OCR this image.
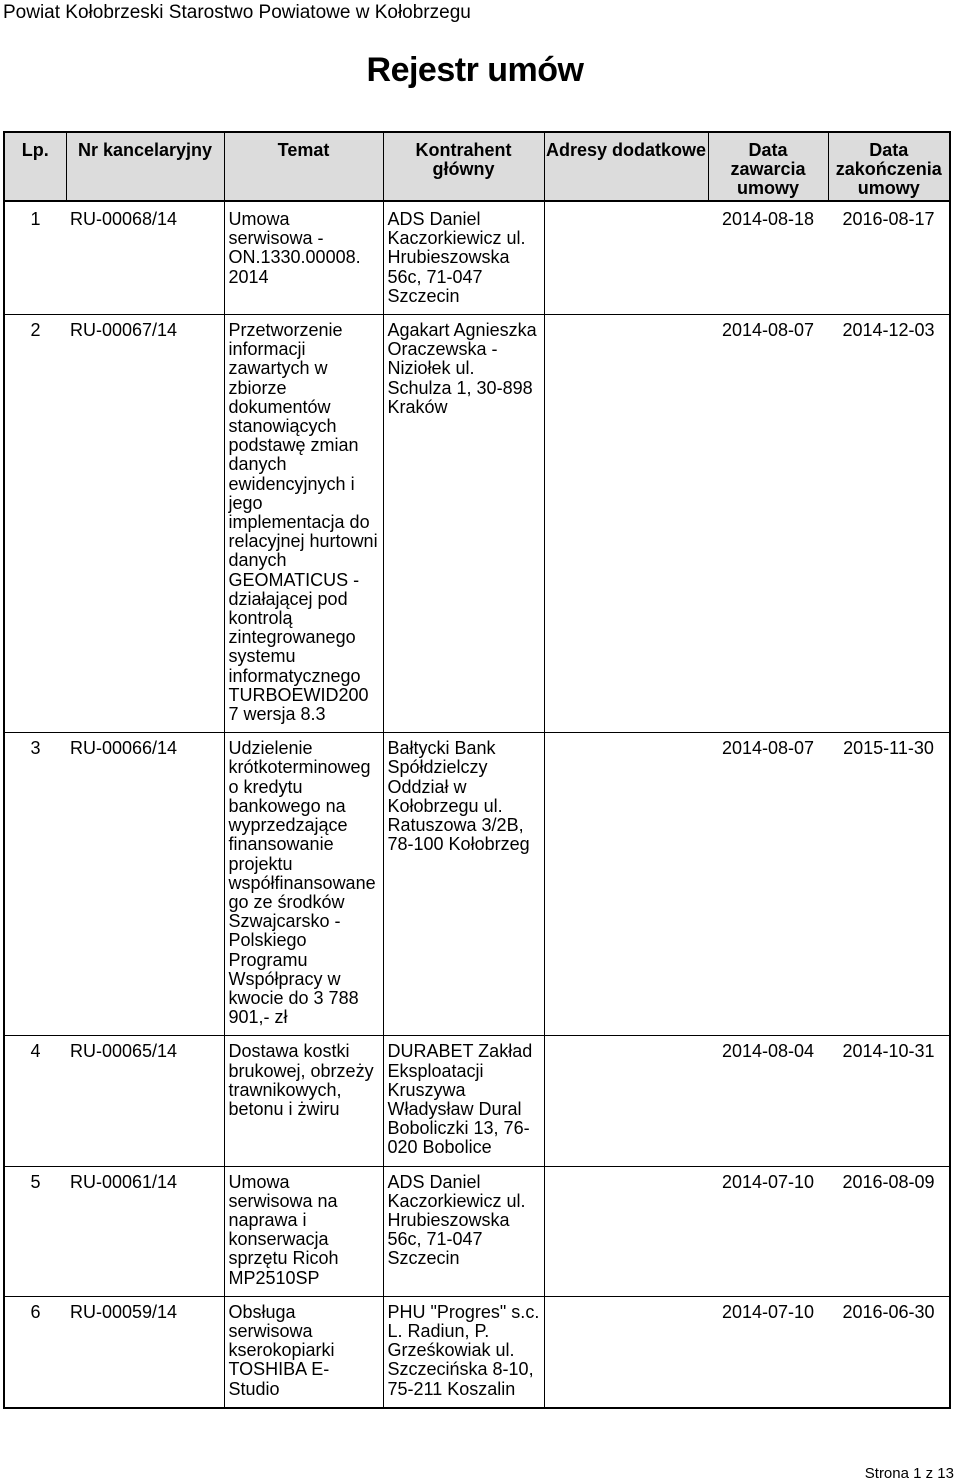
Powiat Kołobrzeski Starostwo Powiatowe w Kołobrzegu
Rejestr umów
Lp.	Nr kancelaryjny	Temat	Kontrahent główny	Adresy dodatkowe	Data zawarcia umowy	Data zakończenia umowy
1	RU-00068/14	Umowa serwisowa - ON.1330.00008. 2014	ADS Daniel Kaczorkiewicz ul. Hrubieszowska 56c, 71-047 Szczecin		2014-08-18	2016-08-17
2	RU-00067/14	Przetworzenie informacji zawartych w zbiorze dokumentów stanowiących podstawę zmian danych ewidencyjnych i jego implementacja do relacyjnej hurtowni danych GEOMATICUS - działającej pod kontrolą zintegrowanego systemu informatycznego TURBOEWID2007 wersja 8.3	Agakart Agnieszka Oraczewska - Niziołek ul. Schulza 1, 30-898 Kraków		2014-08-07	2014-12-03
3	RU-00066/14	Udzielenie krótkoterminowego kredytu bankowego na wyprzedzające finansowanie projektu współfinansowanego ze środków Szwajcarsko - Polskiego Programu Współpracy w kwocie do 3 788 901,- zł	Bałtycki Bank Spółdzielczy Oddział w Kołobrzegu ul. Ratuszowa 3/2B, 78-100 Kołobrzeg		2014-08-07	2015-11-30
4	RU-00065/14	Dostawa kostki brukowej, obrzeży trawnikowych, betonu i żwiru	DURABET Zakład Eksploatacji Kruszywa Władysław Dural Boboliczki 13, 76-020 Bobolice		2014-08-04	2014-10-31
5	RU-00061/14	Umowa serwisowa na naprawa i konserwacja sprzętu Ricoh MP2510SP	ADS Daniel Kaczorkiewicz ul. Hrubieszowska 56c, 71-047 Szczecin		2014-07-10	2016-08-09
6	RU-00059/14	Obsługa serwisowa kserokopiarki TOSHIBA E-Studio	PHU "Progres" s.c. L. Radiun, P. Grześkowiak ul. Szczecińska 8-10, 75-211 Koszalin		2014-07-10	2016-06-30
Strona 1 z 13
